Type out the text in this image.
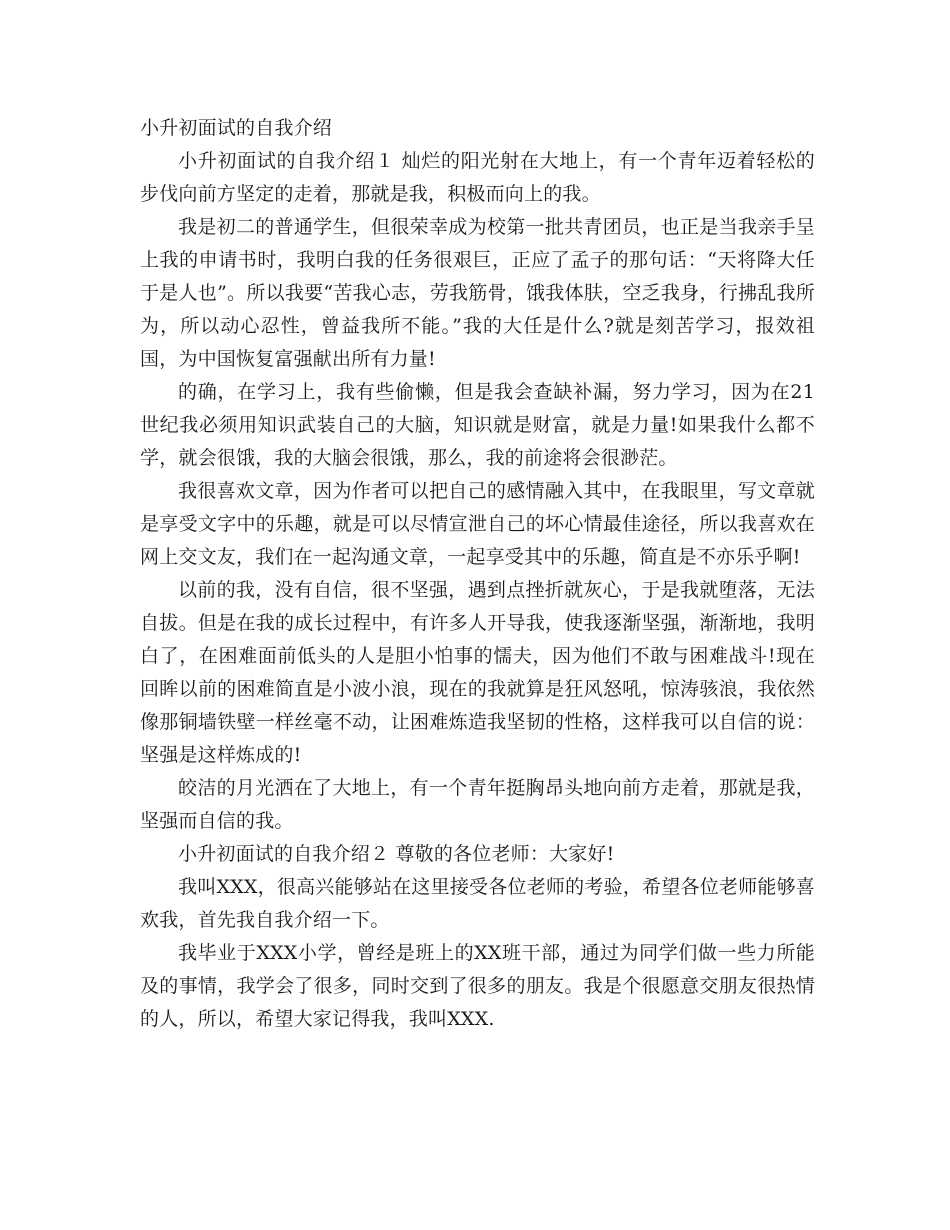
小升初面试的自我介绍

小升初面试的自我介绍１ 灿烂的阳光射在大地上，有一个青年迈着轻松的步伐向前方坚定的走着，那就是我，积极而向上的我。

我是初二的普通学生，但很荣幸成为校第一批共青团员，也正是当我亲手呈上我的申请书时，我明白我的任务很艰巨，正应了孟子的那句话：“天将降大任于是人也”。所以我要“苦我心志，劳我筋骨，饿我体肤，空乏我身，行拂乱我所为，所以动心忍性，曾益我所不能。”我的大任是什么?就是刻苦学习，报效祖国，为中国恢复富强献出所有力量!

的确，在学习上，我有些偷懒，但是我会查缺补漏，努力学习，因为在21世纪我必须用知识武装自己的大脑，知识就是财富，就是力量!如果我什么都不学，就会很饿，我的大脑会很饿，那么，我的前途将会很渺茫。

我很喜欢文章，因为作者可以把自己的感情融入其中，在我眼里，写文章就是享受文字中的乐趣，就是可以尽情宣泄自己的坏心情最佳途径，所以我喜欢在网上交文友，我们在一起沟通文章，一起享受其中的乐趣，简直是不亦乐乎啊!

以前的我，没有自信，很不坚强，遇到点挫折就灰心，于是我就堕落，无法自拔。但是在我的成长过程中，有许多人开导我，使我逐渐坚强，渐渐地，我明白了，在困难面前低头的人是胆小怕事的懦夫，因为他们不敢与困难战斗!现在回眸以前的困难简直是小波小浪，现在的我就算是狂风怒吼，惊涛骇浪，我依然像那铜墙铁壁一样丝毫不动，让困难炼造我坚韧的性格，这样我可以自信的说：坚强是这样炼成的!

皎洁的月光洒在了大地上，有一个青年挺胸昂头地向前方走着，那就是我，坚强而自信的我。

小升初面试的自我介绍２ 尊敬的各位老师：大家好!

我叫XXX，很高兴能够站在这里接受各位老师的考验，希望各位老师能够喜欢我，首先我自我介绍一下。

我毕业于XXX小学，曾经是班上的XX班干部，通过为同学们做一些力所能及的事情，我学会了很多，同时交到了很多的朋友。我是个很愿意交朋友很热情的人，所以，希望大家记得我，我叫XXX.
